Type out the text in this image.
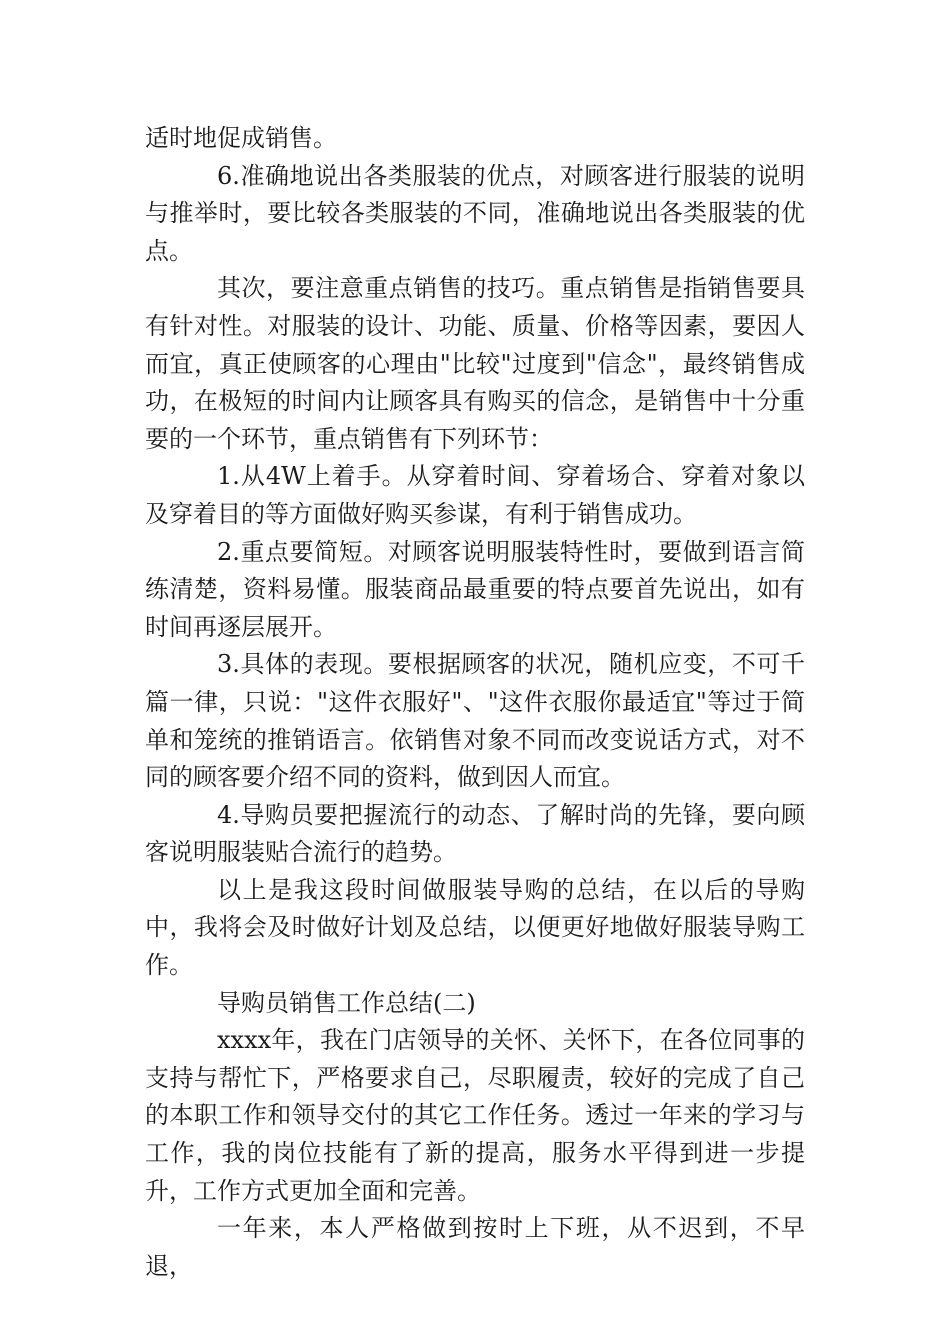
适时地促成销售。

6.准确地说出各类服装的优点，对顾客进行服装的说明与推举时，要比较各类服装的不同，准确地说出各类服装的优点。

其次，要注意重点销售的技巧。重点销售是指销售要具有针对性。对服装的设计、功能、质量、价格等因素，要因人而宜，真正使顾客的心理由"比较"过度到"信念"，最终销售成功，在极短的时间内让顾客具有购买的信念，是销售中十分重要的一个环节，重点销售有下列环节：

1.从4W上着手。从穿着时间、穿着场合、穿着对象以及穿着目的等方面做好购买参谋，有利于销售成功。

2.重点要简短。对顾客说明服装特性时，要做到语言简练清楚，资料易懂。服装商品最重要的特点要首先说出，如有时间再逐层展开。

3.具体的表现。要根据顾客的状况，随机应变，不可千篇一律，只说："这件衣服好"、"这件衣服你最适宜"等过于简单和笼统的推销语言。依销售对象不同而改变说话方式，对不同的顾客要介绍不同的资料，做到因人而宜。

4.导购员要把握流行的动态、了解时尚的先锋，要向顾客说明服装贴合流行的趋势。

以上是我这段时间做服装导购的总结，在以后的导购中，我将会及时做好计划及总结，以便更好地做好服装导购工作。

导购员销售工作总结(二)

xxxx年，我在门店领导的关怀、关怀下，在各位同事的支持与帮忙下，严格要求自己，尽职履责，较好的完成了自己的本职工作和领导交付的其它工作任务。透过一年来的学习与工作，我的岗位技能有了新的提高，服务水平得到进一步提升，工作方式更加全面和完善。

一年来，本人严格做到按时上下班，从不迟到，不早退，
